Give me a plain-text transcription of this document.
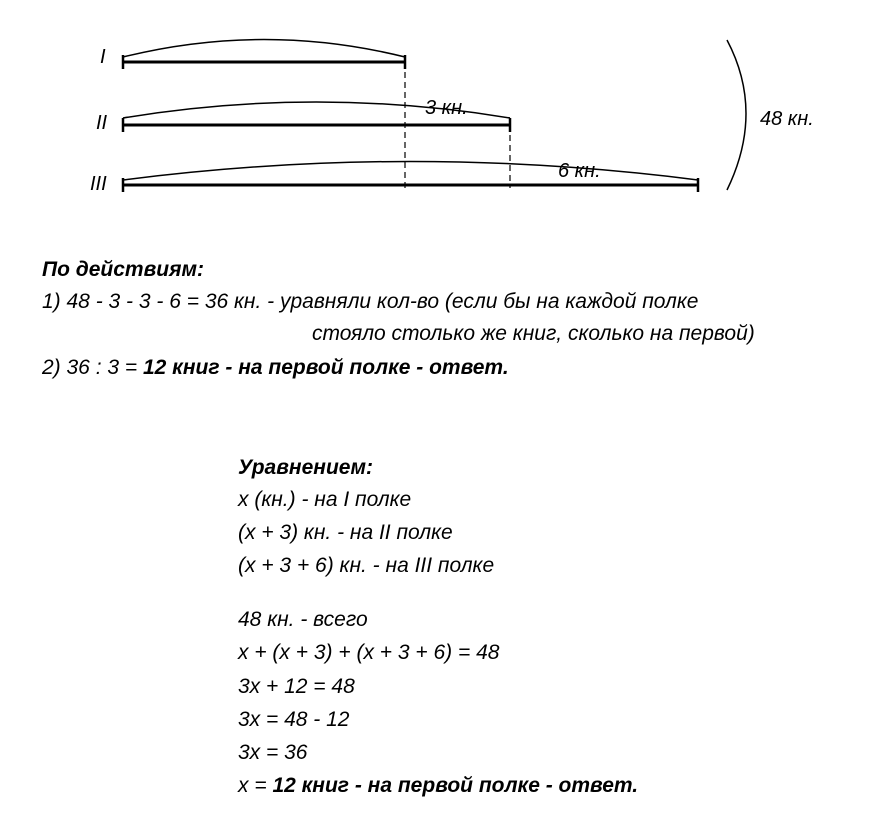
I
II
III
3 кн.
6 кн.
48 кн.
По действиям:
1) 48 - 3 - 3 - 6 = 36 кн. - уравняли кол-во (если бы на каждой полке
стояло столько же книг, сколько на первой)
2) 36 : 3 = 12 книг - на первой полке - ответ.
Уравнением:
х (кн.) - на I полке
(х + 3) кн. - на II полке
(х + 3 + 6) кн. - на III полке
48 кн. - всего
х + (х + 3) + (х + 3 + 6) = 48
3х + 12 = 48
3х = 48 - 12
3х = 36
х = 12 книг - на первой полке - ответ.
